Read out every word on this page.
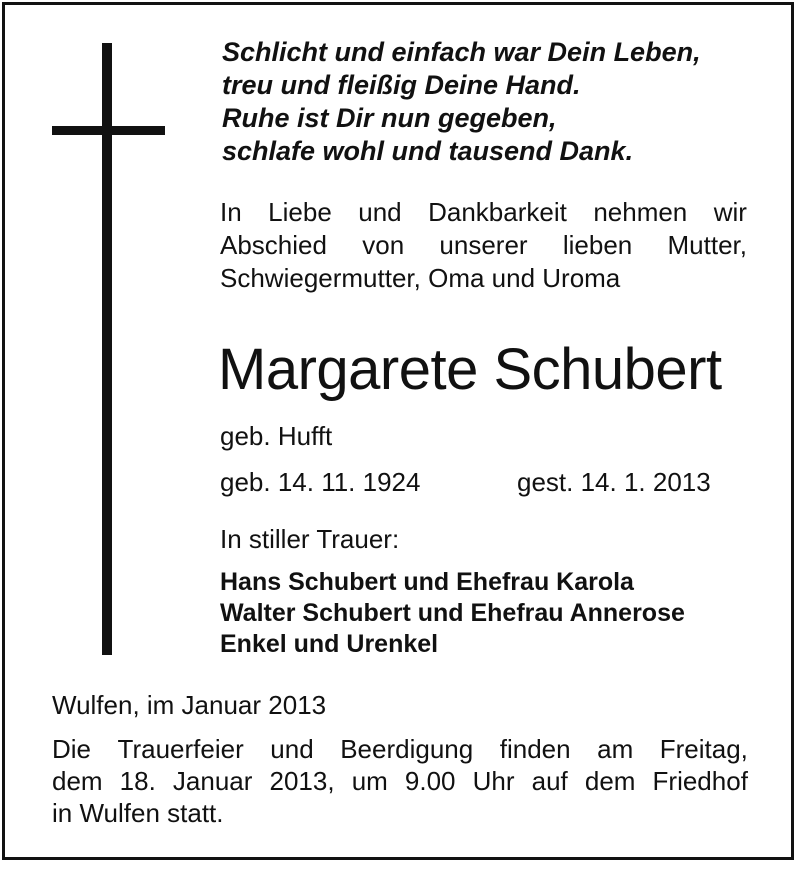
Schlicht und einfach war Dein Leben,
treu und fleißig Deine Hand.
Ruhe ist Dir nun gegeben,
schlafe wohl und tausend Dank.
In Liebe und Dankbarkeit nehmen wir
Abschied von unserer lieben Mutter,
Schwiegermutter, Oma und Uroma
Margarete Schubert
geb. Hufft
geb. 14. 11. 1924	gest. 14. 1. 2013
In stiller Trauer:
Hans Schubert und Ehefrau Karola
Walter Schubert und Ehefrau Annerose
Enkel und Urenkel
Wulfen, im Januar 2013
Die Trauerfeier und Beerdigung finden am Freitag,
dem 18. Januar 2013, um 9.00 Uhr auf dem Friedhof
in Wulfen statt.
